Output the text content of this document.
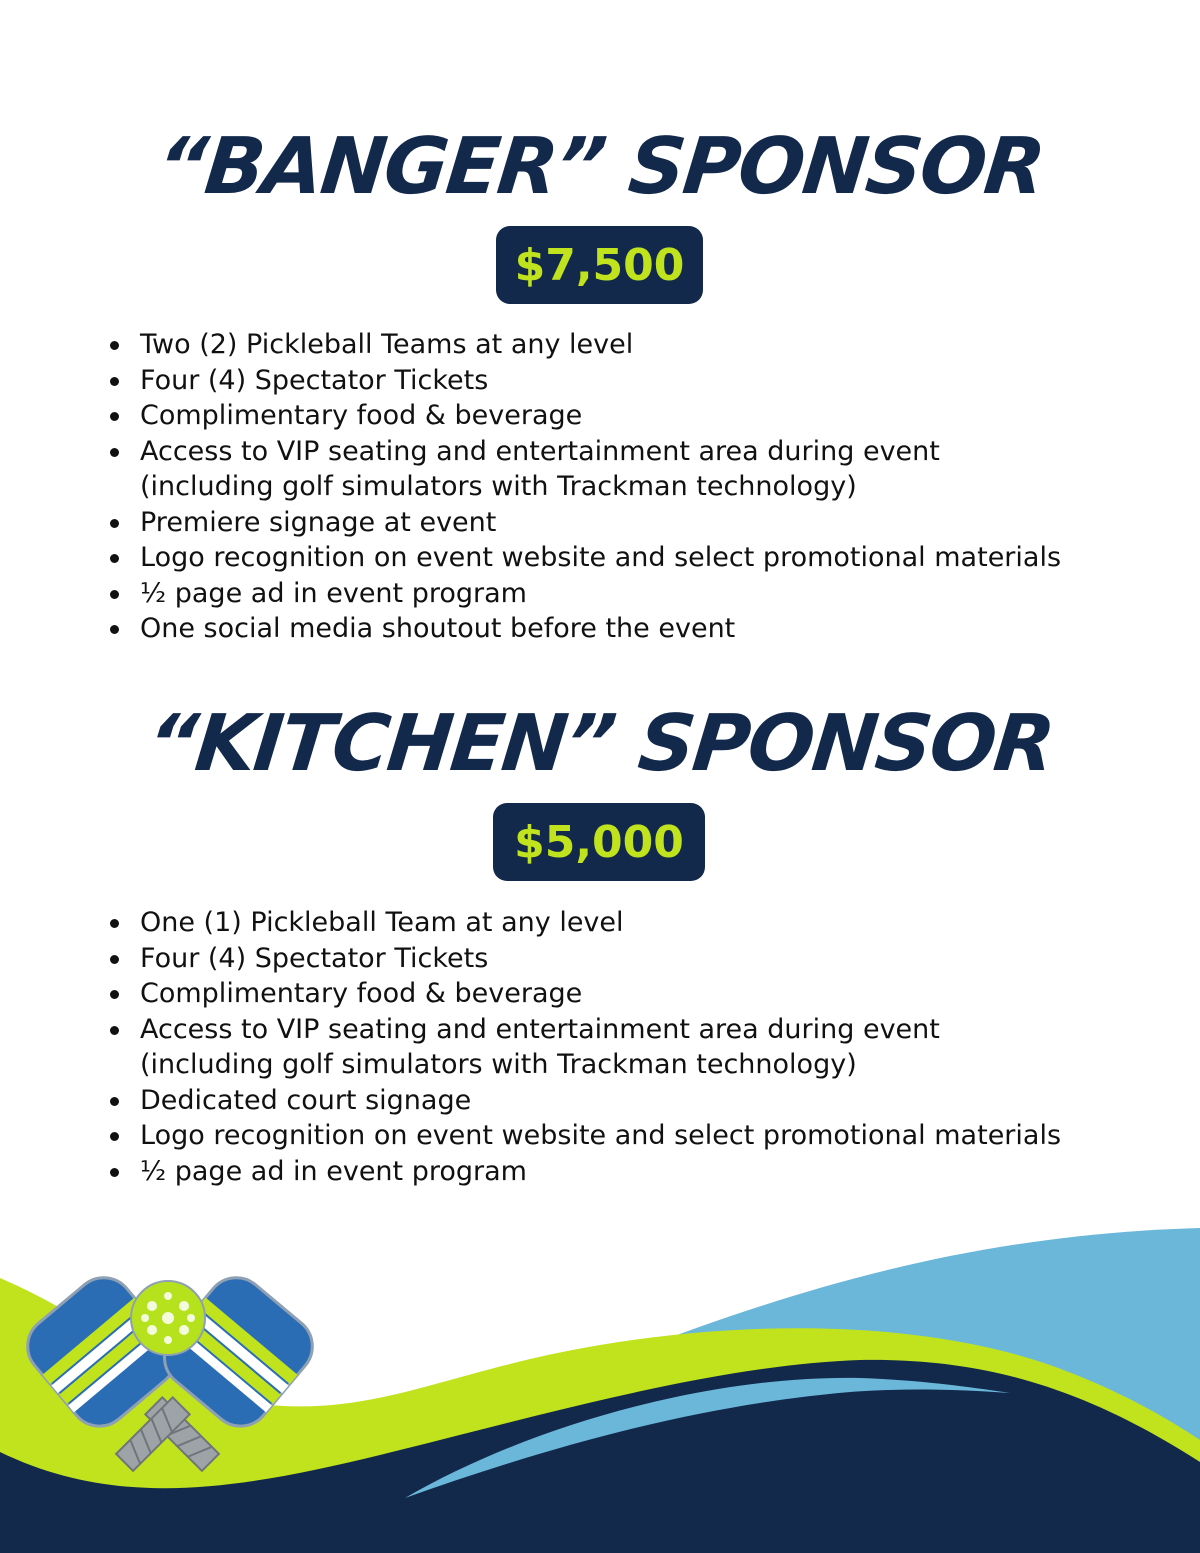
“BANGER” SPONSOR
$7,500
Two (2) Pickleball Teams at any level
Four (4) Spectator Tickets
Complimentary food & beverage
Access to VIP seating and entertainment area during event
(including golf simulators with Trackman technology)
Premiere signage at event
Logo recognition on event website and select promotional materials
½ page ad in event program
One social media shoutout before the event
“KITCHEN” SPONSOR
$5,000
One (1) Pickleball Team at any level
Four (4) Spectator Tickets
Complimentary food & beverage
Access to VIP seating and entertainment area during event
(including golf simulators with Trackman technology)
Dedicated court signage
Logo recognition on event website and select promotional materials
½ page ad in event program
